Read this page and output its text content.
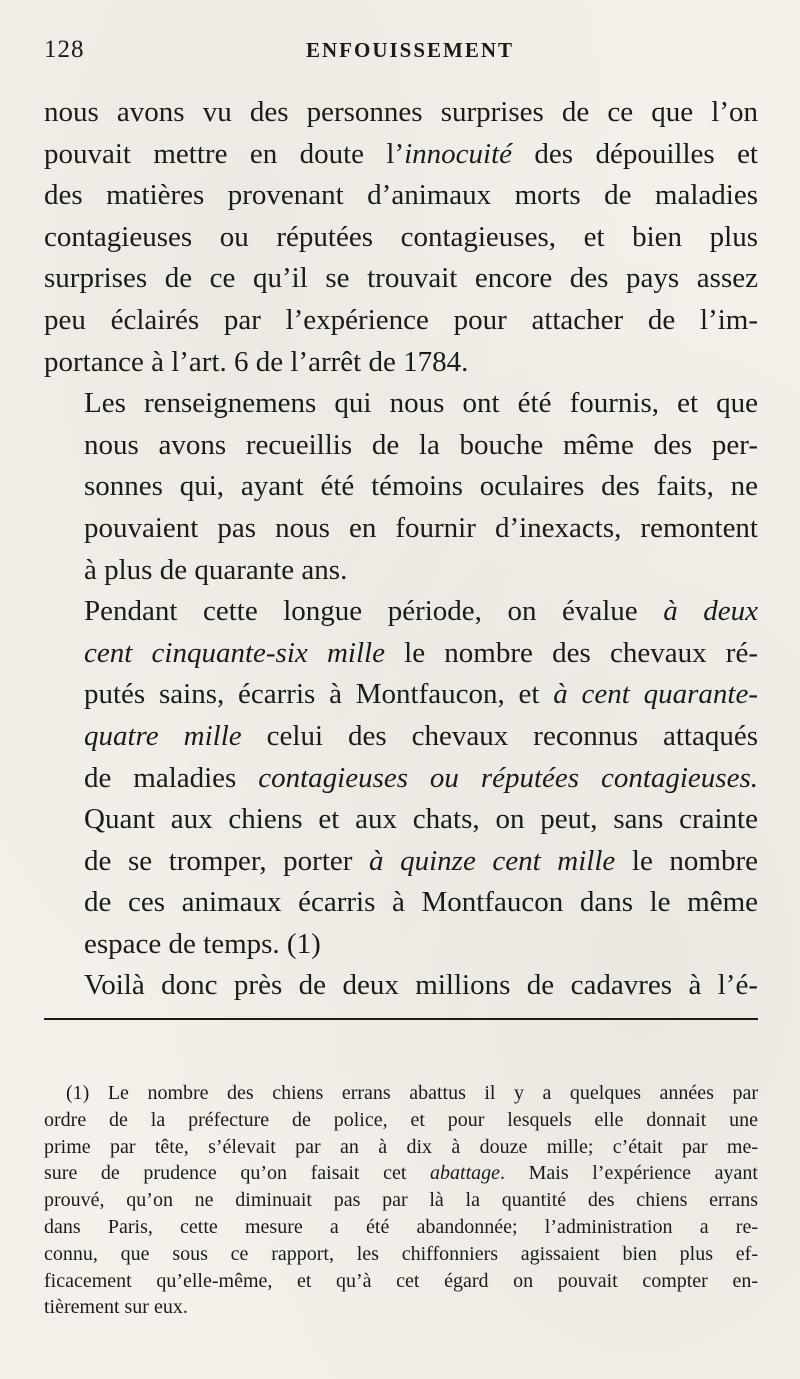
128	ENFOUISSEMENT

nous avons vu des personnes surprises de ce que l’on
pouvait mettre en doute l’innocuité des dépouilles et
des matières provenant d’animaux morts de maladies
contagieuses ou réputées contagieuses, et bien plus
surprises de ce qu’il se trouvait encore des pays assez
peu éclairés par l’expérience pour attacher de l’im-
portance à l’art. 6 de l’arrêt de 1784.

Les renseignemens qui nous ont été fournis, et que
nous avons recueillis de la bouche même des per-
sonnes qui, ayant été témoins oculaires des faits, ne
pouvaient pas nous en fournir d’inexacts, remontent
à plus de quarante ans.

Pendant cette longue période, on évalue à deux
cent cinquante-six mille le nombre des chevaux ré-
putés sains, écarris à Montfaucon, et à cent quarante-
quatre mille celui des chevaux reconnus attaqués
de maladies contagieuses ou réputées contagieuses.
Quant aux chiens et aux chats, on peut, sans crainte
de se tromper, porter à quinze cent mille le nombre
de ces animaux écarris à Montfaucon dans le même
espace de temps. (1)

Voilà donc près de deux millions de cadavres à l’é-

(1) Le nombre des chiens errans abattus il y a quelques années par
ordre de la préfecture de police, et pour lesquels elle donnait une
prime par tête, s’élevait par an à dix à douze mille; c’était par me-
sure de prudence qu’on faisait cet abattage. Mais l’expérience ayant
prouvé, qu’on ne diminuait pas par là la quantité des chiens errans
dans Paris, cette mesure a été abandonnée; l’administration a re-
connu, que sous ce rapport, les chiffonniers agissaient bien plus ef-
ficacement qu’elle-même, et qu’à cet égard on pouvait compter en-
tièrement sur eux.
